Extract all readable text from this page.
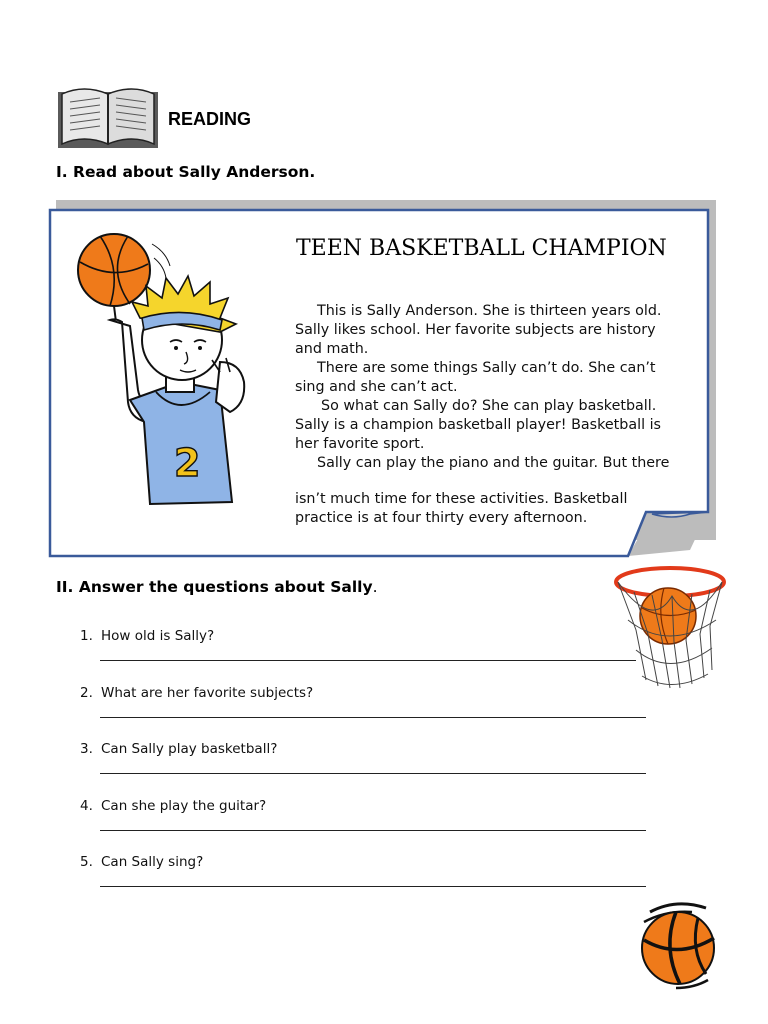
READING
I. Read about Sally Anderson.
2
TEEN BASKETBALL CHAMPION
This is Sally Anderson. She is thirteen years old.
Sally likes school. Her favorite subjects are history
and math.
There are some things Sally can’t do. She can’t
sing and she can’t act.
So what can Sally do? She can play basketball.
Sally is a champion basketball player! Basketball is
her favorite sport.
Sally can play the piano and the guitar. But there
isn’t much time for these activities. Basketball
practice is at four thirty every afternoon.
II. Answer the questions about Sally.
1. How old is Sally?
2. What are her favorite subjects?
3. Can Sally play basketball?
4. Can she play the guitar?
5. Can Sally sing?
